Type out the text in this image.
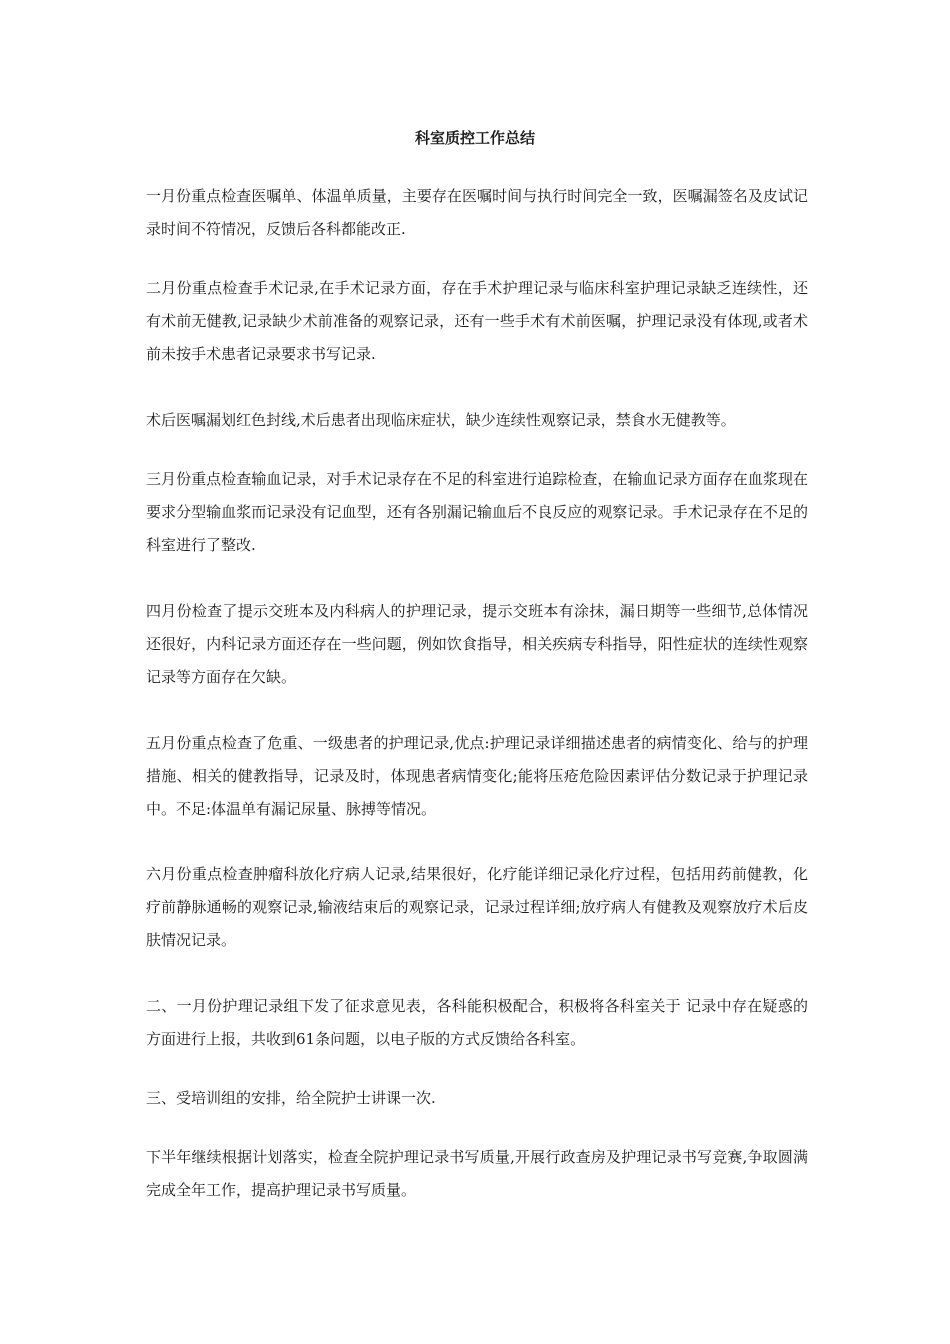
科室质控工作总结

一月份重点检查医嘱单、体温单质量，主要存在医嘱时间与执行时间完全一致，医嘱漏签名及皮试记录时间不符情况，反馈后各科都能改正.

二月份重点检查手术记录,在手术记录方面，存在手术护理记录与临床科室护理记录缺乏连续性，还有术前无健教,记录缺少术前准备的观察记录，还有一些手术有术前医嘱，护理记录没有体现,或者术前未按手术患者记录要求书写记录.

术后医嘱漏划红色封线,术后患者出现临床症状，缺少连续性观察记录，禁食水无健教等。

三月份重点检查输血记录，对手术记录存在不足的科室进行追踪检查，在输血记录方面存在血浆现在要求分型输血浆而记录没有记血型，还有各别漏记输血后不良反应的观察记录。手术记录存在不足的科室进行了整改.

四月份检查了提示交班本及内科病人的护理记录，提示交班本有涂抹，漏日期等一些细节,总体情况还很好，内科记录方面还存在一些问题，例如饮食指导，相关疾病专科指导，阳性症状的连续性观察记录等方面存在欠缺。

五月份重点检查了危重、一级患者的护理记录,优点:护理记录详细描述患者的病情变化、给与的护理措施、相关的健教指导，记录及时，体现患者病情变化;能将压疮危险因素评估分数记录于护理记录中。不足:体温单有漏记尿量、脉搏等情况。

六月份重点检查肿瘤科放化疗病人记录,结果很好，化疗能详细记录化疗过程，包括用药前健教，化疗前静脉通畅的观察记录,输液结束后的观察记录，记录过程详细;放疗病人有健教及观察放疗术后皮肤情况记录。

二、一月份护理记录组下发了征求意见表，各科能积极配合，积极将各科室关于 记录中存在疑惑的方面进行上报，共收到61条问题，以电子版的方式反馈给各科室。

三、受培训组的安排，给全院护士讲课一次.

下半年继续根据计划落实，检查全院护理记录书写质量,开展行政查房及护理记录书写竞赛,争取圆满完成全年工作，提高护理记录书写质量。
